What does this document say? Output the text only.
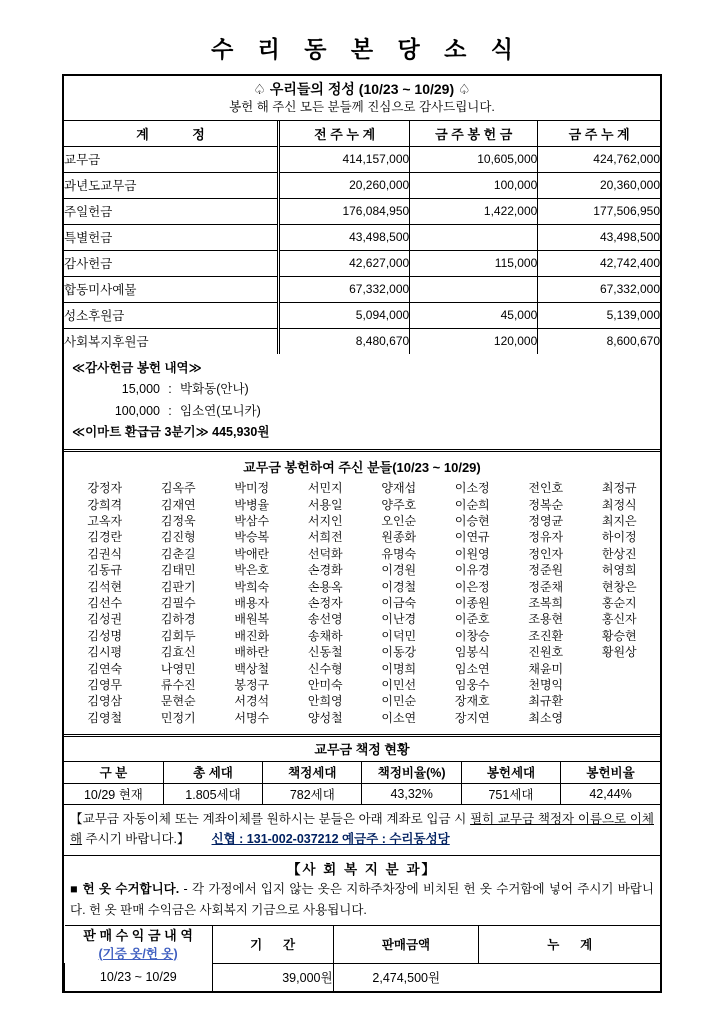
수 리 동 본 당 소 식
♤ 우리들의 정성 (10/23 ~ 10/29) ♤
봉헌 해 주신 모든 분들께 진심으로 감사드립니다.
계            정	전 주 누 계	금 주 봉 헌 금	금 주 누 계
교무금	414,157,000	10,605,000	424,762,000
과년도교무금	20,260,000	100,000	20,360,000
주일헌금	176,084,950	1,422,000	177,506,950
특별헌금	43,498,500		43,498,500
감사헌금	42,627,000	115,000	42,742,400
합동미사예물	67,332,000		67,332,000
성소후원금	5,094,000	45,000	5,139,000
사회복지후원금	8,480,670	120,000	8,600,670
≪감사헌금 봉헌 내역≫
15,000 : 박화동(안나)
100,000 : 임소연(모니카)
≪이마트 환급금 3분기≫ 445,930원
교무금 봉헌하여 주신 분들(10/23 ~ 10/29)
강정자	김옥주	박미정	서민지	양재섭	이소정	전인호	최정규
강희격	김재연	박병율	서용일	양주호	이순희	정복순	최정식
고옥자	김정욱	박삼수	서지인	오인순	이승현	정영균	최지은
김경란	김진형	박승복	서희전	원종화	이연규	정유자	하이정
김권식	김춘길	박애란	선덕화	유명숙	이원영	정인자	한상진
김동규	김태민	박은호	손경화	이경원	이유경	정준원	허영희
김석현	김판기	박희숙	손용옥	이경철	이은정	정준채	현창은
김선수	김필수	배용자	손정자	이금숙	이종원	조복희	홍순지
김성권	김하경	배원복	송선영	이난경	이준호	조용현	홍신자
김성명	김회두	배진화	송채하	이덕민	이창승	조진환	황승현
김시평	김효신	배하란	신동철	이동강	임봉식	진원호	황원상
김연숙	나영민	백상철	신수형	이명희	임소연	채윤미
김영무	류수진	봉정구	안미숙	이민선	임웅수	천명익
김영삼	문현순	서경석	안희영	이민순	장재호	최규환
김영철	민정기	서명수	양성철	이소연	장지연	최소영
교무금 책정 현황
구 분	총 세대	책정세대	책정비율(%)	봉헌세대	봉헌비율
10/29 현재	1.805세대	782세대	43,32%	751세대	42,44%
【교무금 자동이체 또는 계좌이체를 원하시는 분들은 아래 계좌로 입금 시 필히 교무금 책정자 이름으로 이체해 주시기 바랍니다.】 신협 : 131-002-037212 예금주 : 수리동성당
【사 회 복 지 분 과】
■ 헌 옷 수거합니다. - 각 가정에서 입지 않는 옷은 지하주차장에 비치된 헌 옷 수거함에 넣어 주시기 바랍니다. 헌 옷 판매 수익금은 사회복지 기금으로 사용됩니다.
판 매 수 익 금 내 역
(기증 옷/헌 옷)	기      간	판매금액	누      계
10/23 ~ 10/29	39,000원	2,474,500원	
